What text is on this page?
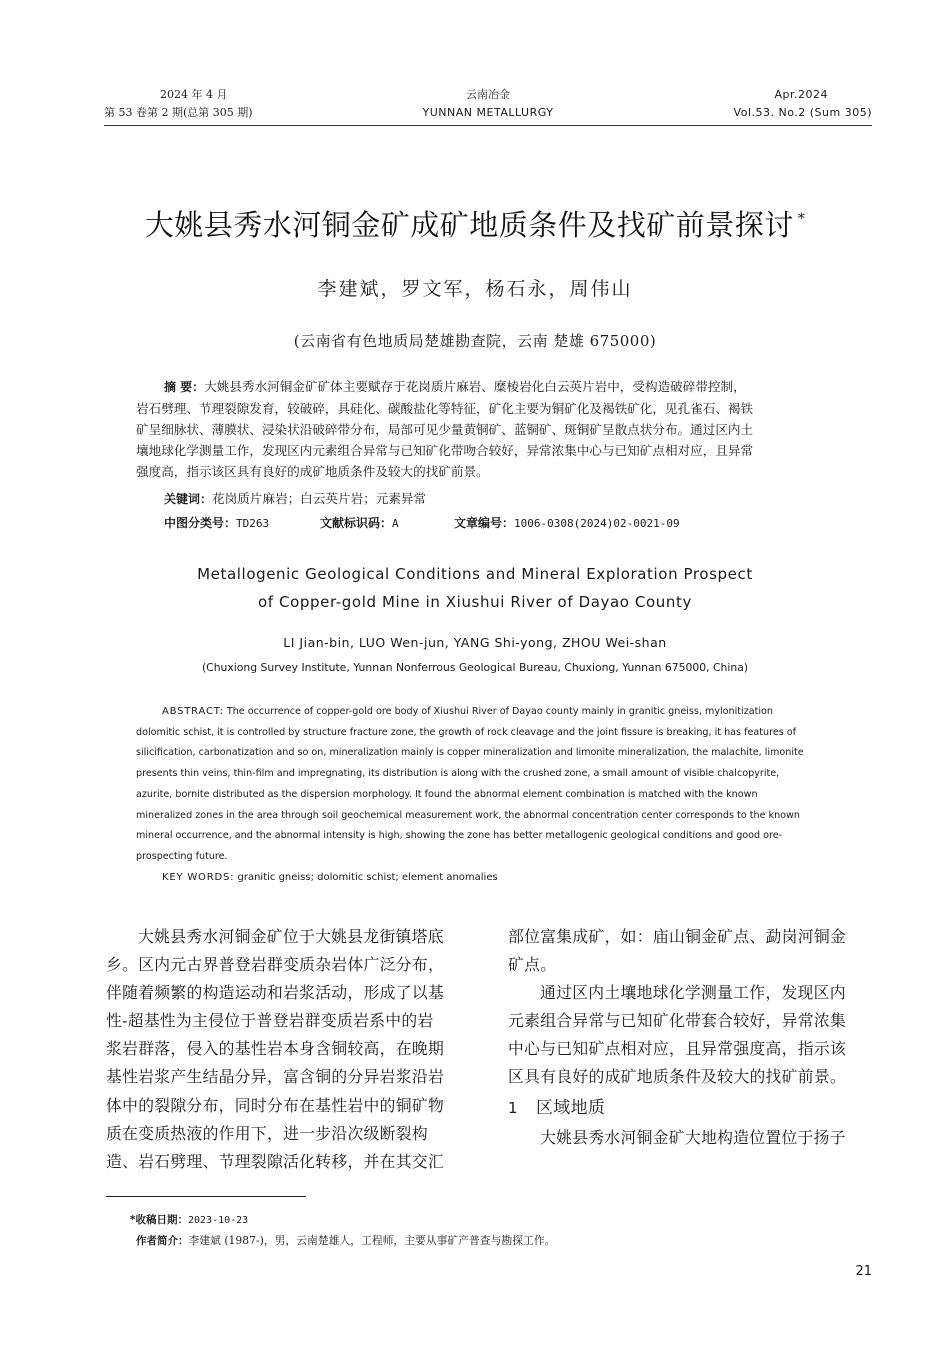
2024 年 4 月
第 53 卷第 2 期(总第 305 期)
云南冶金
YUNNAN METALLURGY
Apr.2024
Vol.53. No.2 (Sum 305)
大姚县秀水河铜金矿成矿地质条件及找矿前景探讨 *
李建斌，罗文军，杨石永，周伟山
(云南省有色地质局楚雄勘查院，云南 楚雄 675000)
摘 要：大姚县秀水河铜金矿矿体主要赋存于花岗质片麻岩、糜棱岩化白云英片岩中，受构造破碎带控制，
岩石劈理、节理裂隙发育，较破碎，具硅化、碳酸盐化等特征，矿化主要为铜矿化及褐铁矿化，见孔雀石、褐铁
矿呈细脉状、薄膜状、浸染状沿破碎带分布，局部可见少量黄铜矿、蓝铜矿、斑铜矿呈散点状分布。通过区内土
壤地球化学测量工作，发现区内元素组合异常与已知矿化带吻合较好，异常浓集中心与已知矿点相对应，且异常
强度高，指示该区具有良好的成矿地质条件及较大的找矿前景。
关键词：花岗质片麻岩；白云英片岩；元素异常
中图分类号：TD263	文献标识码：A	文章编号：1006-0308(2024)02-0021-09
Metallogenic Geological Conditions and Mineral Exploration Prospect
of Copper-gold Mine in Xiushui River of Dayao County
LI Jian-bin, LUO Wen-jun, YANG Shi-yong, ZHOU Wei-shan
(Chuxiong Survey Institute, Yunnan Nonferrous Geological Bureau, Chuxiong, Yunnan 675000, China)
ABSTRACT: The occurrence of copper-gold ore body of Xiushui River of Dayao county mainly in granitic gneiss, mylonitization
dolomitic schist, it is controlled by structure fracture zone, the growth of rock cleavage and the joint fissure is breaking, it has features of
silicification, carbonatization and so on, mineralization mainly is copper mineralization and limonite mineralization, the malachite, limonite
presents thin veins, thin-film and impregnating, its distribution is along with the crushed zone, a small amount of visible chalcopyrite,
azurite, bornite distributed as the dispersion morphology. It found the abnormal element combination is matched with the known
mineralized zones in the area through soil geochemical measurement work, the abnormal concentration center corresponds to the known
mineral occurrence, and the abnormal intensity is high, showing the zone has better metallogenic geological conditions and good ore-
prospecting future.
KEY WORDS: granitic gneiss; dolomitic schist; element anomalies
大姚县秀水河铜金矿位于大姚县龙街镇塔底
乡。区内元古界普登岩群变质杂岩体广泛分布，
伴随着频繁的构造运动和岩浆活动，形成了以基
性-超基性为主侵位于普登岩群变质岩系中的岩
浆岩群落，侵入的基性岩本身含铜较高，在晚期
基性岩浆产生结晶分异，富含铜的分异岩浆沿岩
体中的裂隙分布，同时分布在基性岩中的铜矿物
质在变质热液的作用下，进一步沿次级断裂构
造、岩石劈理、节理裂隙活化转移，并在其交汇
部位富集成矿，如：庙山铜金矿点、勐岗河铜金
矿点。
通过区内土壤地球化学测量工作，发现区内
元素组合异常与已知矿化带套合较好，异常浓集
中心与已知矿点相对应，且异常强度高，指示该
区具有良好的成矿地质条件及较大的找矿前景。
1 区域地质
大姚县秀水河铜金矿大地构造位置位于扬子
*收稿日期：2023-10-23
作者简介：李建斌 (1987-)，男，云南楚雄人，工程师，主要从事矿产普查与勘探工作。
21
